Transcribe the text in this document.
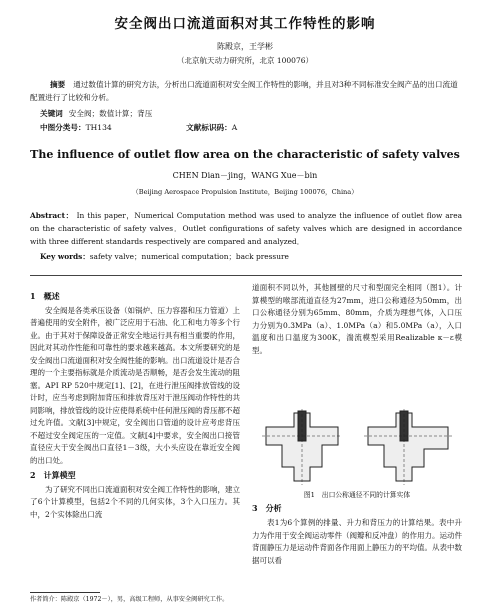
安全阀出口流道面积对其工作特性的影响
陈殿京，王学彬
（北京航天动力研究所，北京 100076）
摘要 通过数值计算的研究方法，分析出口流道面积对安全阀工作特性的影响，并且对3种不同标准安全阀产品的出口流道配置进行了比较和分析。
关键词 安全阀；数值计算；背压
中图分类号：TH134	文献标识码：A
The influence of outlet flow area on the characteristic of safety valves
CHEN Dian－jing，WANG Xue－bin
（Beijing Aerospace Propulsion Institute，Beijing 100076，China）
Abstract： In this paper，Numerical Computation method was used to analyze the influence of outlet flow area on the characteristic of safety valves．Outlet configurations of safety valves which are designed in accordance with three different standards respectively are compared and analyzed．
Key words：safety valve；numerical computation；back pressure
1　概述

安全阀是各类承压设备（如锅炉、压力容器和压力管道）上普遍使用的安全附件，被广泛应用于石油、化工和电力等多个行业。由于其对于保障设备正常安全地运行具有相当重要的作用，因此对其动作性能和可靠性的要求越来越高。本文所要研究的是安全阀出口流道面积对安全阀性能的影响。出口流道设计是否合理的一个主要指标就是介质流动是否顺畅，是否会发生流动的阻塞。API RP 520中规定[1]、[2]，在进行泄压阀排放管线的设计时，应当考虑到附加背压和排放背压对于泄压阀动作特性的共同影响，排放管线的设计应使得系统中任何泄压阀的背压都不超过允许值。文献[3]中规定，安全阀出口管道的设计应考虑背压不超过安全阀定压的一定值。文献[4]中要求，安全阀出口接管直径应大于安全阀出口直径1－3级，大小头应设在靠近安全阀的出口处。

2　计算模型

为了研究不同出口流道面积对安全阀工作特性的影响，建立了6个计算模型，包括2个不同的几何实体，3个入口压力。其中，2个实体除出口流

道面积不同以外，其他圆壁的尺寸和型面完全相同（图1）。计算模型的喉部流道直径为27mm，进口公称通径为50mm，出口公称通径分别为65mm、80mm，介质为理想气体，入口压力分别为0.3MPa（a）、1.0MPa（a）和5.0MPa（a），入口温度和出口温度为300K，湍流模型采用Realizable κ－ε模型。

图1　出口公称通径不同的计算实体
3　分析
表1为6个算例的排量、升力和背压力的计算结果。表中升力为作用于安全阀运动零件（阀瓣和反冲盘）的作用力。运动件背面静压力是运动件背面各作用面上静压力的平均值。从表中数据可以看
作者简介：陈殿京（1972－），男，高级工程师，从事安全阀研究工作。
